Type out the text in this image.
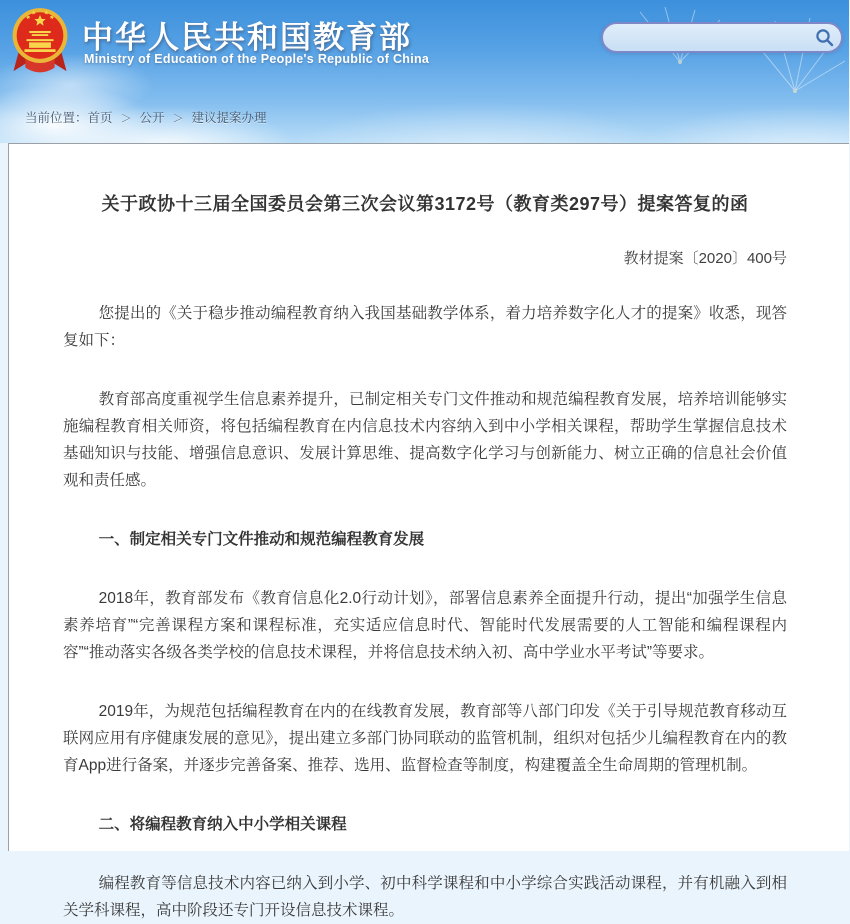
中华人民共和国教育部
Ministry of Education of the People's Republic of China
当前位置：首页 ＞ 公开 ＞ 建议提案办理
关于政协十三届全国委员会第三次会议第3172号（教育类297号）提案答复的函
教材提案〔2020〕400号

您提出的《关于稳步推动编程教育纳入我国基础教学体系，着力培养数字化人才的提案》收悉，现答复如下：

教育部高度重视学生信息素养提升，已制定相关专门文件推动和规范编程教育发展，培养培训能够实施编程教育相关师资，将包括编程教育在内信息技术内容纳入到中小学相关课程，帮助学生掌握信息技术基础知识与技能、增强信息意识、发展计算思维、提高数字化学习与创新能力、树立正确的信息社会价值观和责任感。

一、制定相关专门文件推动和规范编程教育发展

2018年，教育部发布《教育信息化2.0行动计划》，部署信息素养全面提升行动，提出“加强学生信息素养培育”“完善课程方案和课程标准，充实适应信息时代、智能时代发展需要的人工智能和编程课程内容”“推动落实各级各类学校的信息技术课程，并将信息技术纳入初、高中学业水平考试”等要求。

2019年，为规范包括编程教育在内的在线教育发展，教育部等八部门印发《关于引导规范教育移动互联网应用有序健康发展的意见》，提出建立多部门协同联动的监管机制，组织对包括少儿编程教育在内的教育App进行备案，并逐步完善备案、推荐、选用、监督检查等制度，构建覆盖全生命周期的管理机制。

二、将编程教育纳入中小学相关课程

编程教育等信息技术内容已纳入到小学、初中科学课程和中小学综合实践活动课程，并有机融入到相关学科课程，高中阶段还专门开设信息技术课程。
